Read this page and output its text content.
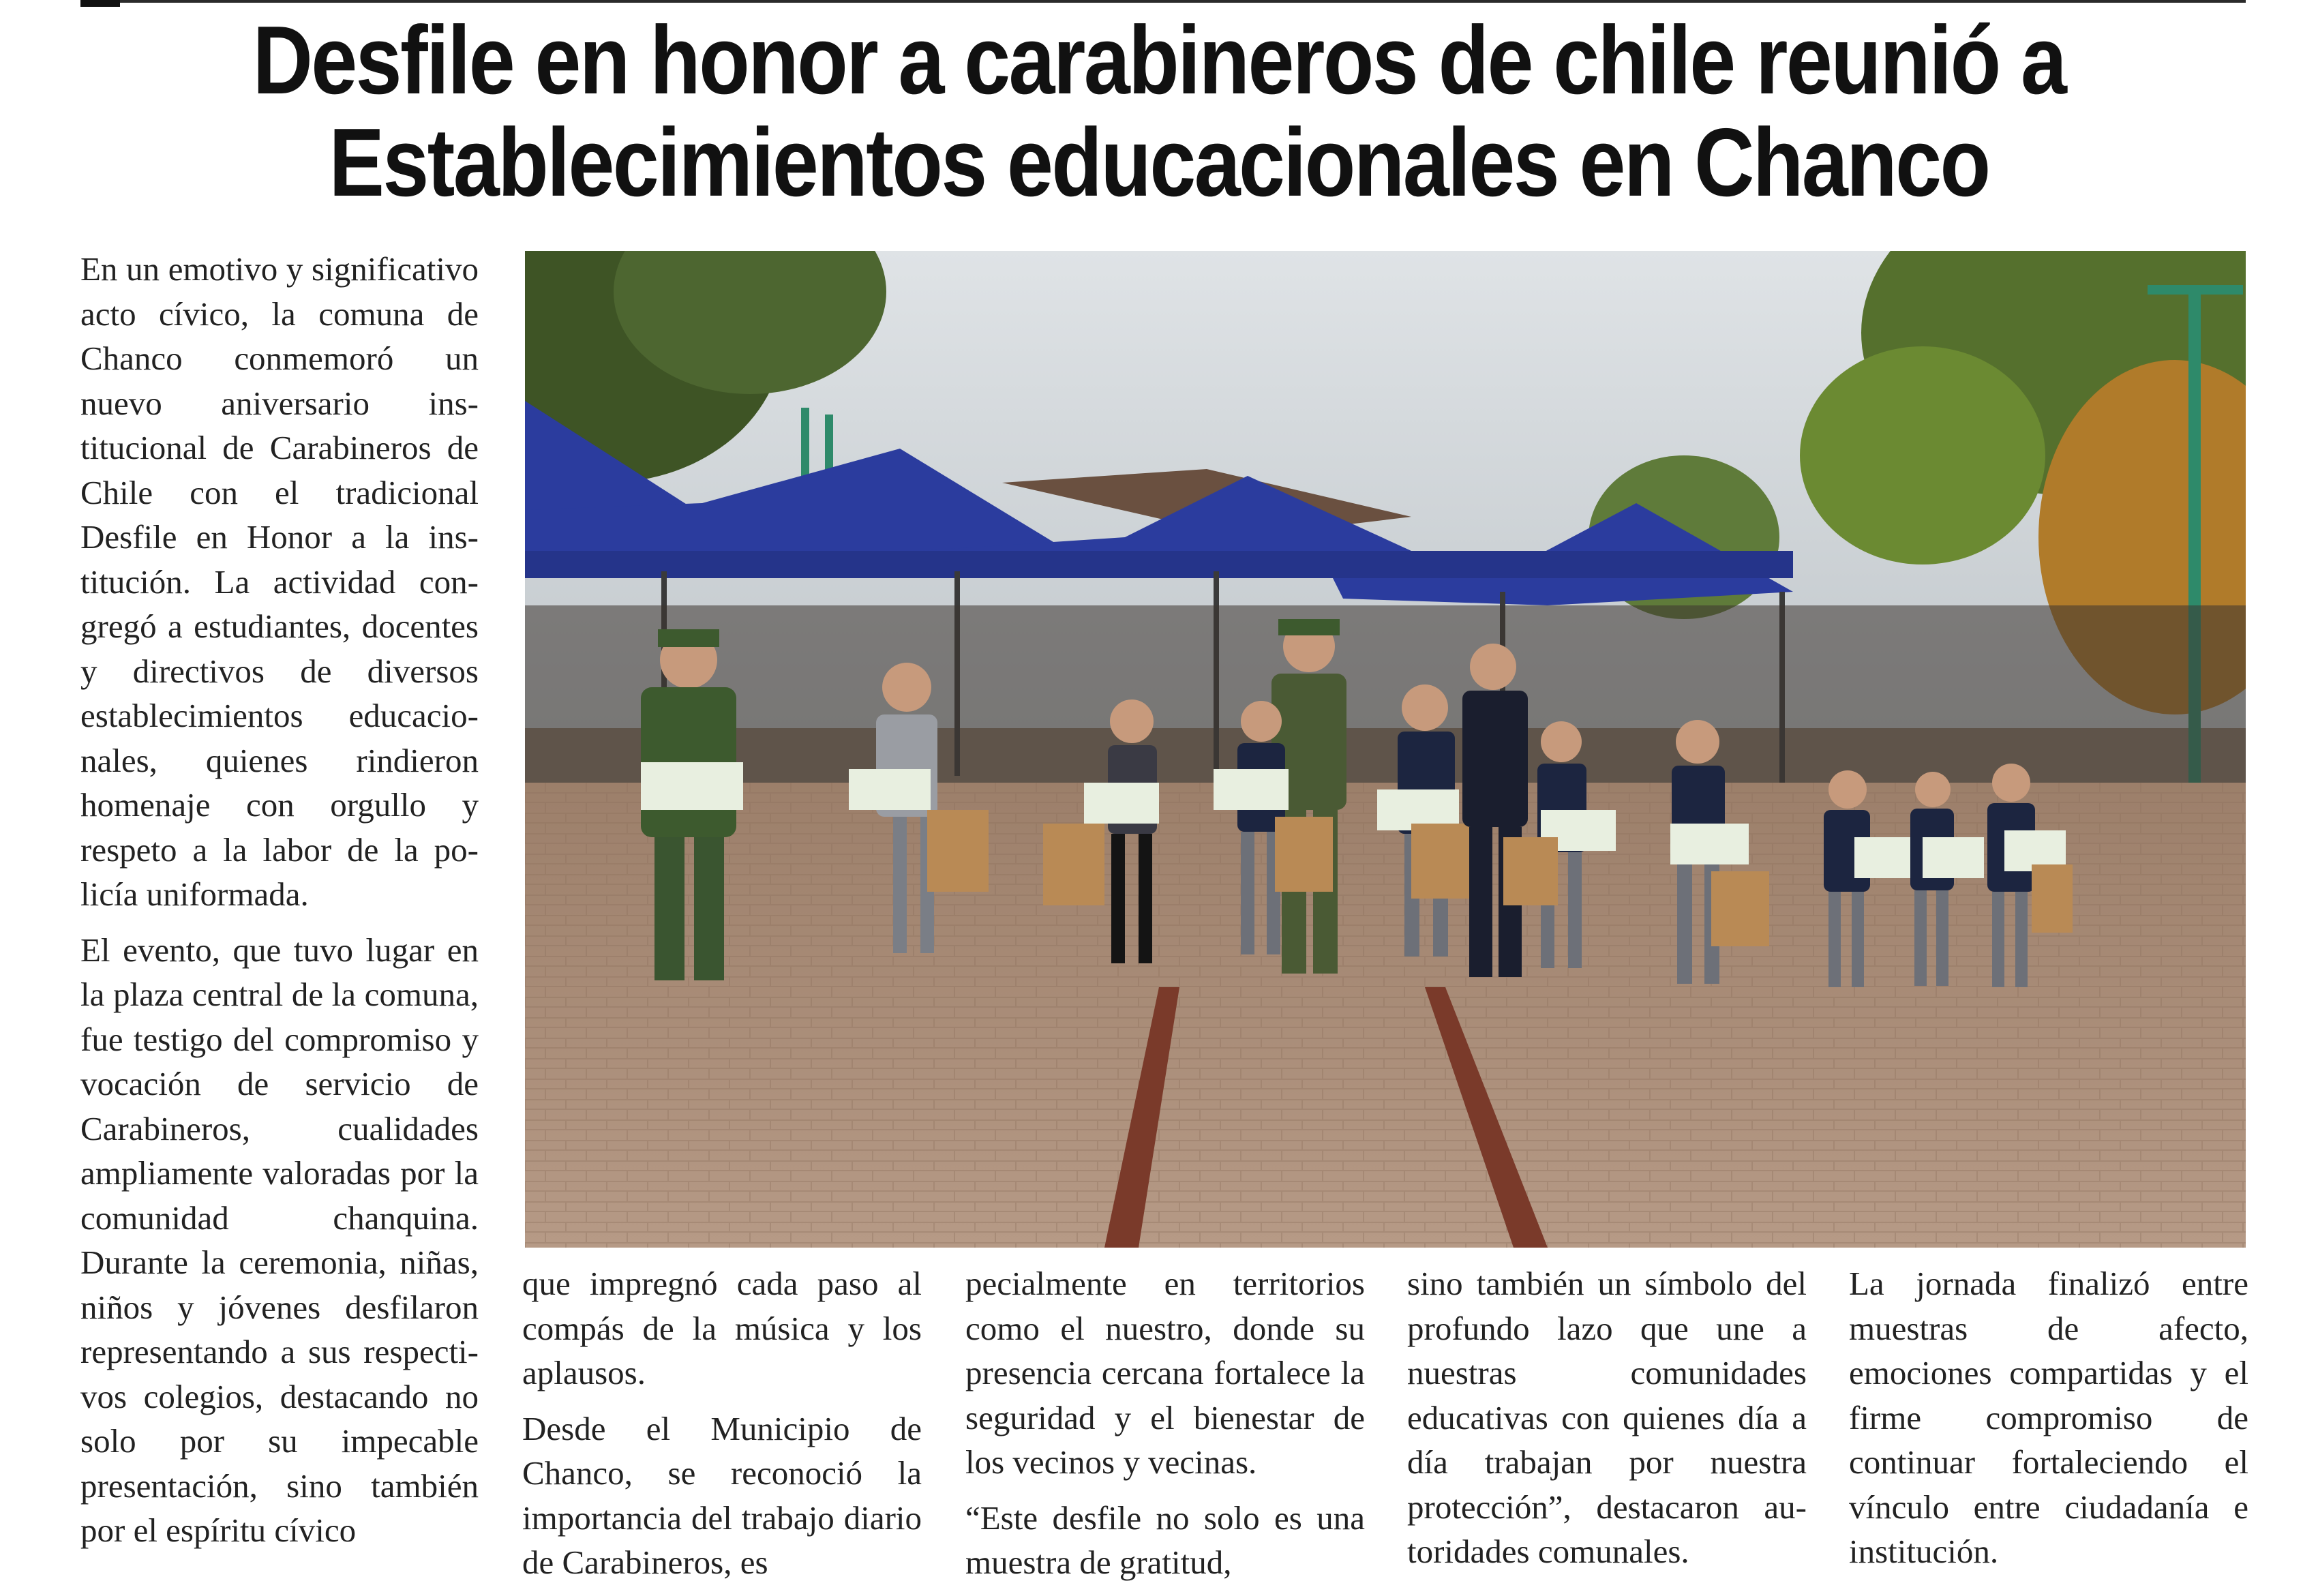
Desfile en honor a carabineros de chile reunió a
Establecimientos educacionales en Chanco

En un emotivo y significativo acto cívico, la comuna de Chanco conmemoró un nuevo aniversario institucional de Carabineros de Chile con el tradicional Desfile en Honor a la institución. La actividad congregó a estudiantes, docentes y directivos de diversos establecimientos educacionales, quienes rindieron homenaje con orgullo y respeto a la labor de la policía uniformada.

El evento, que tuvo lugar en la plaza central de la comuna, fue testigo del compromiso y vocación de servicio de Carabineros, cualidades ampliamente valoradas por la comunidad chanquina. Durante la ceremonia, niñas, niños y jóvenes desfilaron representando a sus respectivos colegios, destacando no solo por su impecable presentación, sino también por el espíritu cívico

que impregnó cada paso al compás de la música y los aplausos.

Desde el Municipio de Chanco, se reconoció la importancia del trabajo diario de Carabineros, es

pecialmente en territorios como el nuestro, donde su presencia cercana fortalece la seguridad y el bienestar de los vecinos y vecinas.

“Este desfile no solo es una muestra de gratitud,

sino también un símbolo del profundo lazo que une a nuestras comunidades educativas con quienes día a día trabajan por nuestra protección”, destacaron autoridades comunales.

La jornada finalizó entre muestras de afecto, emociones compartidas y el firme compromiso de continuar fortaleciendo el vínculo entre ciudadanía e institución.
